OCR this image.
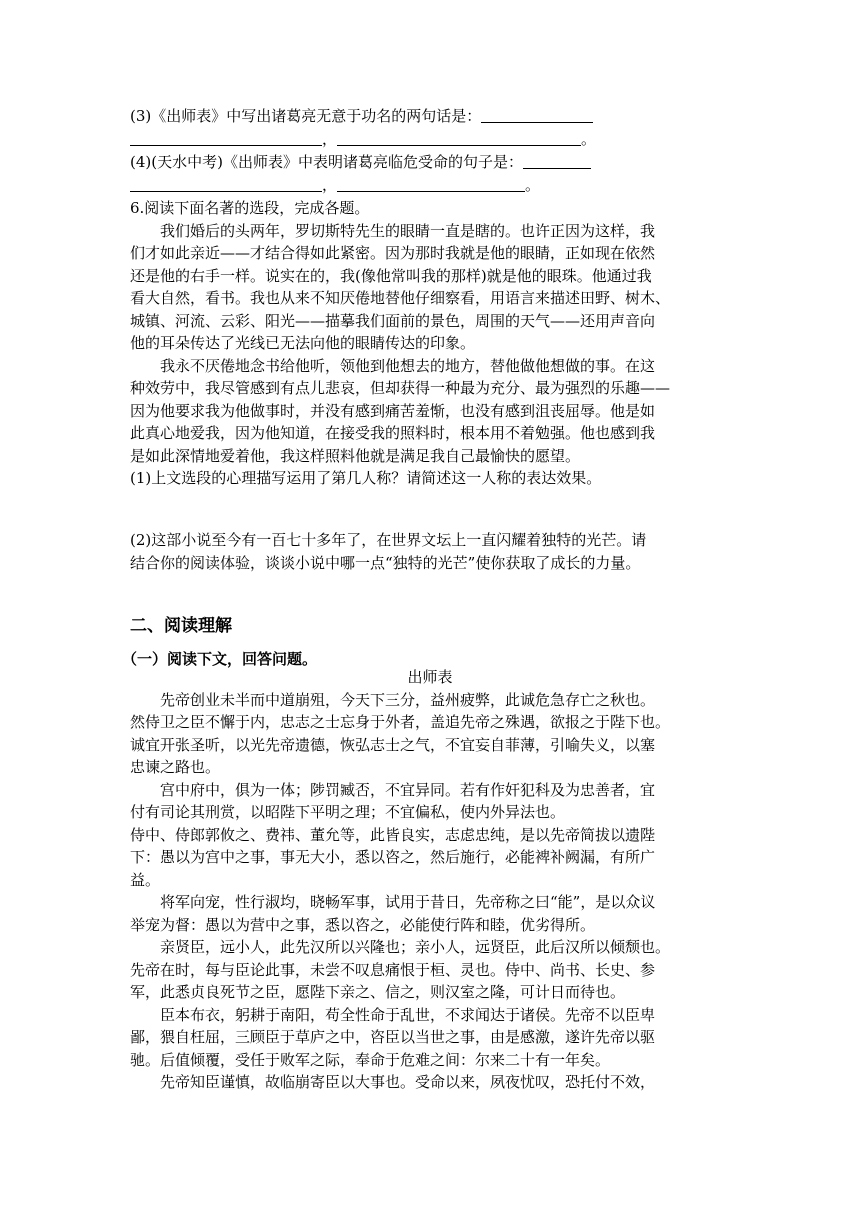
(3)《出师表》中写出诸葛亮无意于功名的两句话是：
，	。
(4)(天水中考)《出师表》中表明诸葛亮临危受命的句子是：
，	。
6.阅读下面名著的选段，完成各题。
我们婚后的头两年，罗切斯特先生的眼睛一直是瞎的。也许正因为这样，我
们才如此亲近——才结合得如此紧密。因为那时我就是他的眼睛，正如现在依然
还是他的右手一样。说实在的，我(像他常叫我的那样)就是他的眼珠。他通过我
看大自然，看书。我也从来不知厌倦地替他仔细察看，用语言来描述田野、树木、
城镇、河流、云彩、阳光——描摹我们面前的景色，周围的天气——还用声音向
他的耳朵传达了光线已无法向他的眼睛传达的印象。
我永不厌倦地念书给他听，领他到他想去的地方，替他做他想做的事。在这
种效劳中，我尽管感到有点儿悲哀，但却获得一种最为充分、最为强烈的乐趣——
因为他要求我为他做事时，并没有感到痛苦羞惭，也没有感到沮丧屈辱。他是如
此真心地爱我，因为他知道，在接受我的照料时，根本用不着勉强。他也感到我
是如此深情地爱着他，我这样照料他就是满足我自己最愉快的愿望。
(1)上文选段的心理描写运用了第几人称？请简述这一人称的表达效果。
(2)这部小说至今有一百七十多年了，在世界文坛上一直闪耀着独特的光芒。请
结合你的阅读体验，谈谈小说中哪一点“独特的光芒”使你获取了成长的力量。
二、阅读理解
（一）阅读下文，回答问题。
出师表
先帝创业未半而中道崩殂，今天下三分，益州疲弊，此诚危急存亡之秋也。
然侍卫之臣不懈于内，忠志之士忘身于外者，盖追先帝之殊遇，欲报之于陛下也。
诚宜开张圣听，以光先帝遗德，恢弘志士之气，不宜妄自菲薄，引喻失义，以塞
忠谏之路也。
宫中府中，俱为一体；陟罚臧否，不宜异同。若有作奸犯科及为忠善者，宜
付有司论其刑赏，以昭陛下平明之理；不宜偏私，使内外异法也。
侍中、侍郎郭攸之、费祎、董允等，此皆良实，志虑忠纯，是以先帝简拔以遗陛
下：愚以为宫中之事，事无大小，悉以咨之，然后施行，必能裨补阙漏，有所广
益。
将军向宠，性行淑均，晓畅军事，试用于昔日，先帝称之曰“能”，是以众议
举宠为督：愚以为营中之事，悉以咨之，必能使行阵和睦，优劣得所。
亲贤臣，远小人，此先汉所以兴隆也；亲小人，远贤臣，此后汉所以倾颓也。
先帝在时，每与臣论此事，未尝不叹息痛恨于桓、灵也。侍中、尚书、长史、参
军，此悉贞良死节之臣，愿陛下亲之、信之，则汉室之隆，可计日而待也。
臣本布衣，躬耕于南阳，苟全性命于乱世，不求闻达于诸侯。先帝不以臣卑
鄙，猥自枉屈，三顾臣于草庐之中，咨臣以当世之事，由是感激，遂许先帝以驱
驰。后值倾覆，受任于败军之际，奉命于危难之间：尔来二十有一年矣。
先帝知臣谨慎，故临崩寄臣以大事也。受命以来，夙夜忧叹，恐托付不效，
